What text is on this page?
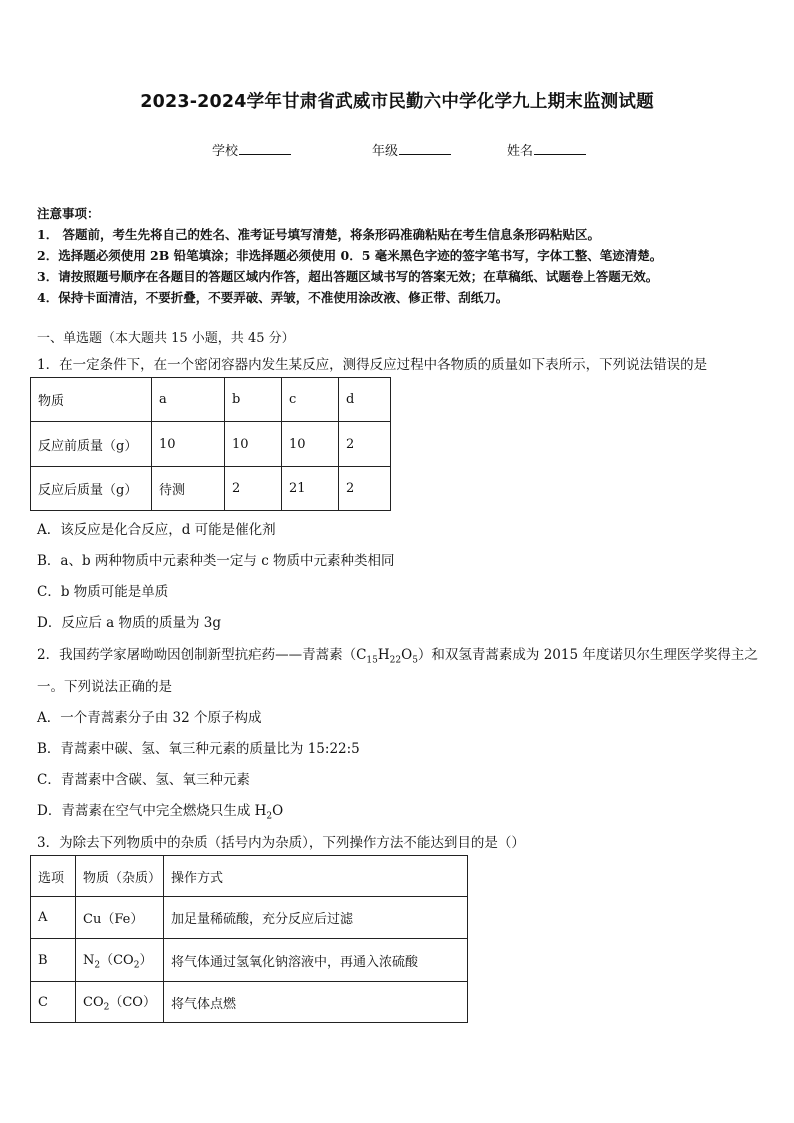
2023-2024学年甘肃省武威市民勤六中学化学九上期末监测试题
学校	年级	姓名
注意事项：
1． 答题前，考生先将自己的姓名、准考证号填写清楚，将条形码准确粘贴在考生信息条形码粘贴区。
2．选择题必须使用 2B 铅笔填涂；非选择题必须使用 0．5 毫米黑色字迹的签字笔书写，字体工整、笔迹清楚。
3．请按照题号顺序在各题目的答题区域内作答，超出答题区域书写的答案无效；在草稿纸、试题卷上答题无效。
4．保持卡面清洁，不要折叠，不要弄破、弄皱，不准使用涂改液、修正带、刮纸刀。
一、单选题（本大题共 15 小题，共 45 分）
1．在一定条件下，在一个密闭容器内发生某反应，测得反应过程中各物质的质量如下表所示，下列说法错误的是
物质	a	b	c	d
反应前质量（g）	10	10	10	2
反应后质量（g）	待测	2	21	2
A．该反应是化合反应，d 可能是催化剂
B．a、b 两种物质中元素种类一定与 c 物质中元素种类相同
C．b 物质可能是单质
D．反应后 a 物质的质量为 3g
2．我国药学家屠呦呦因创制新型抗疟药——青蒿素$(C_{15}H_{22}O_5)$和双氢青蒿素成为 2015 年度诺贝尔生理医学奖得主之
一。下列说法正确的是
A．一个青蒿素分子由 32 个原子构成
B．青蒿素中碳、氢、氧三种元素的质量比为 15:22:5
C．青蒿素中含碳、氢、氧三种元素
D．青蒿素在空气中完全燃烧只生成 $H_2O$
3．为除去下列物质中的杂质（括号内为杂质），下列操作方法不能达到目的是（）
选项	物质（杂质）	操作方式
A	Cu（Fe）	加足量稀硫酸，充分反应后过滤
B	$N_2(CO_2)$	将气体通过氢氧化钠溶液中，再通入浓硫酸
C	$CO_2(CO)$	将气体点燃
